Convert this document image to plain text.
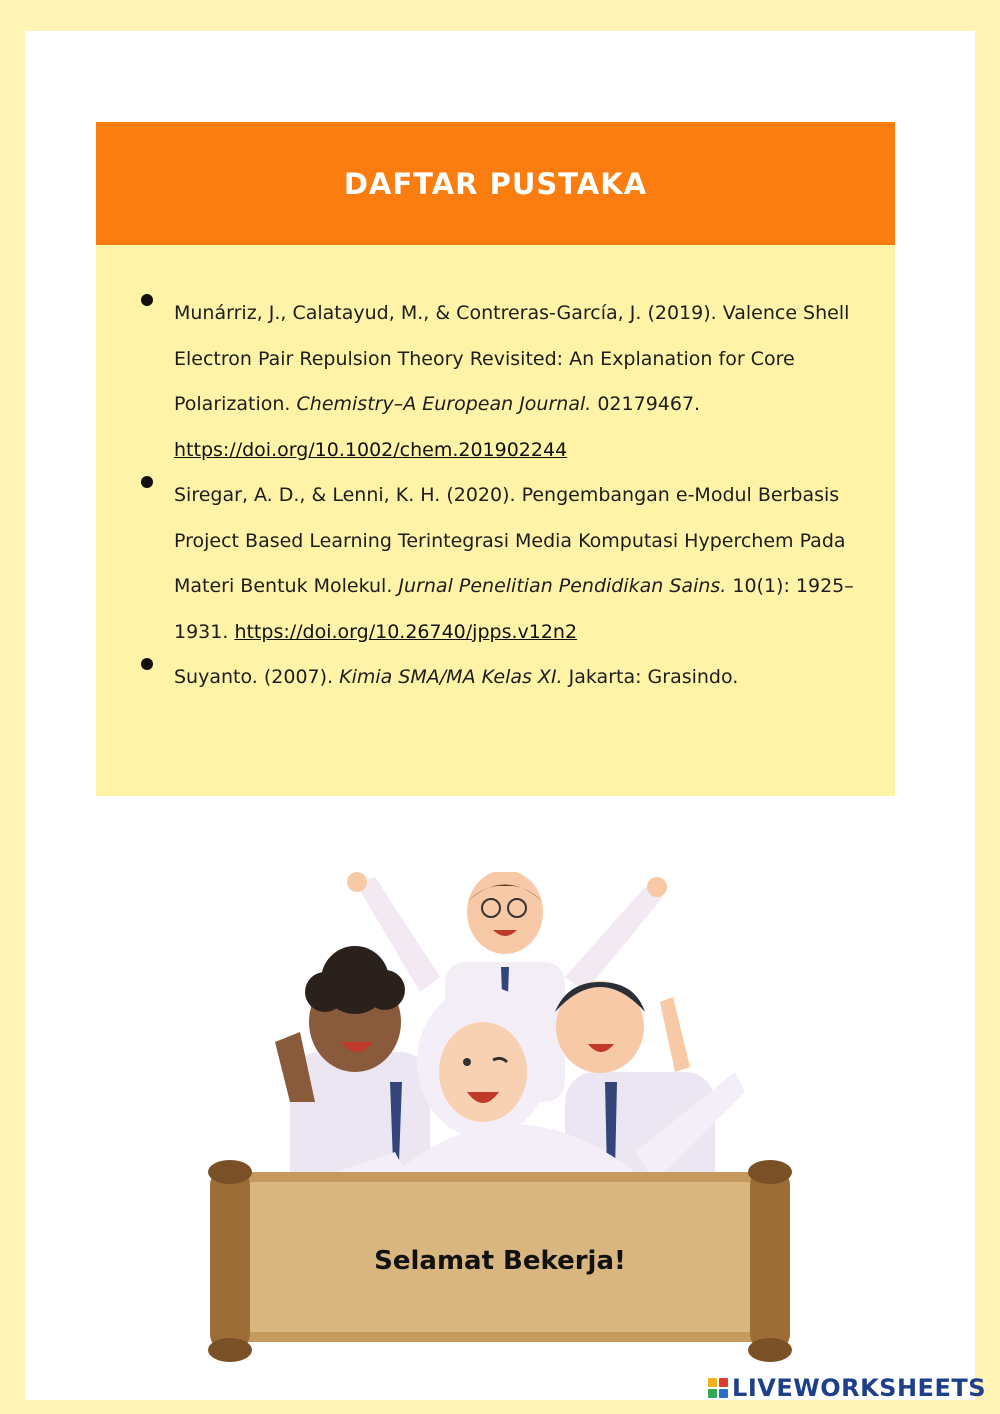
DAFTAR PUSTAKA
Munárriz, J., Calatayud, M., & Contreras-García, J. (2019). Valence Shell Electron Pair Repulsion Theory Revisited: An Explanation for Core Polarization. Chemistry–A European Journal. 02179467. https://doi.org/10.1002/chem.201902244
Siregar, A. D., & Lenni, K. H. (2020). Pengembangan e-Modul Berbasis Project Based Learning Terintegrasi Media Komputasi Hyperchem Pada Materi Bentuk Molekul. Jurnal Penelitian Pendidikan Sains. 10(1): 1925–1931. https://doi.org/10.26740/jpps.v12n2
Suyanto. (2007). Kimia SMA/MA Kelas XI. Jakarta: Grasindo.
Selamat Bekerja!
LIVEWORKSHEETS
